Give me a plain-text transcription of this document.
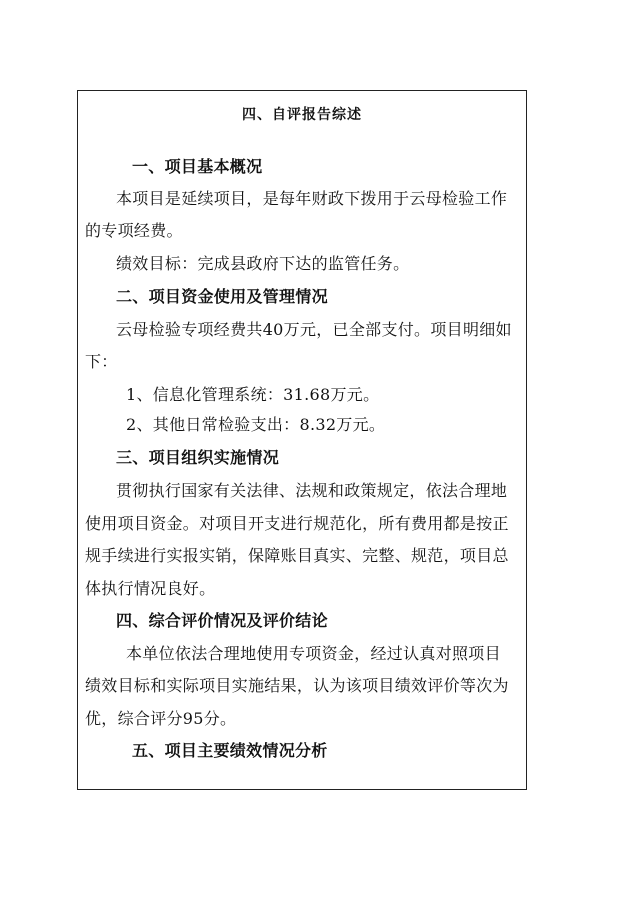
四、自评报告综述
一、项目基本概况
本项目是延续项目，是每年财政下拨用于云母检验工作
的专项经费。
绩效目标：完成县政府下达的监管任务。
二、项目资金使用及管理情况
云母检验专项经费共40万元，已全部支付。项目明细如
下：
1、信息化管理系统：31.68万元。
2、其他日常检验支出：8.32万元。
三、项目组织实施情况
贯彻执行国家有关法律、法规和政策规定，依法合理地
使用项目资金。对项目开支进行规范化，所有费用都是按正
规手续进行实报实销，保障账目真实、完整、规范，项目总
体执行情况良好。
四、综合评价情况及评价结论
本单位依法合理地使用专项资金，经过认真对照项目
绩效目标和实际项目实施结果，认为该项目绩效评价等次为
优，综合评分95分。
五、项目主要绩效情况分析
